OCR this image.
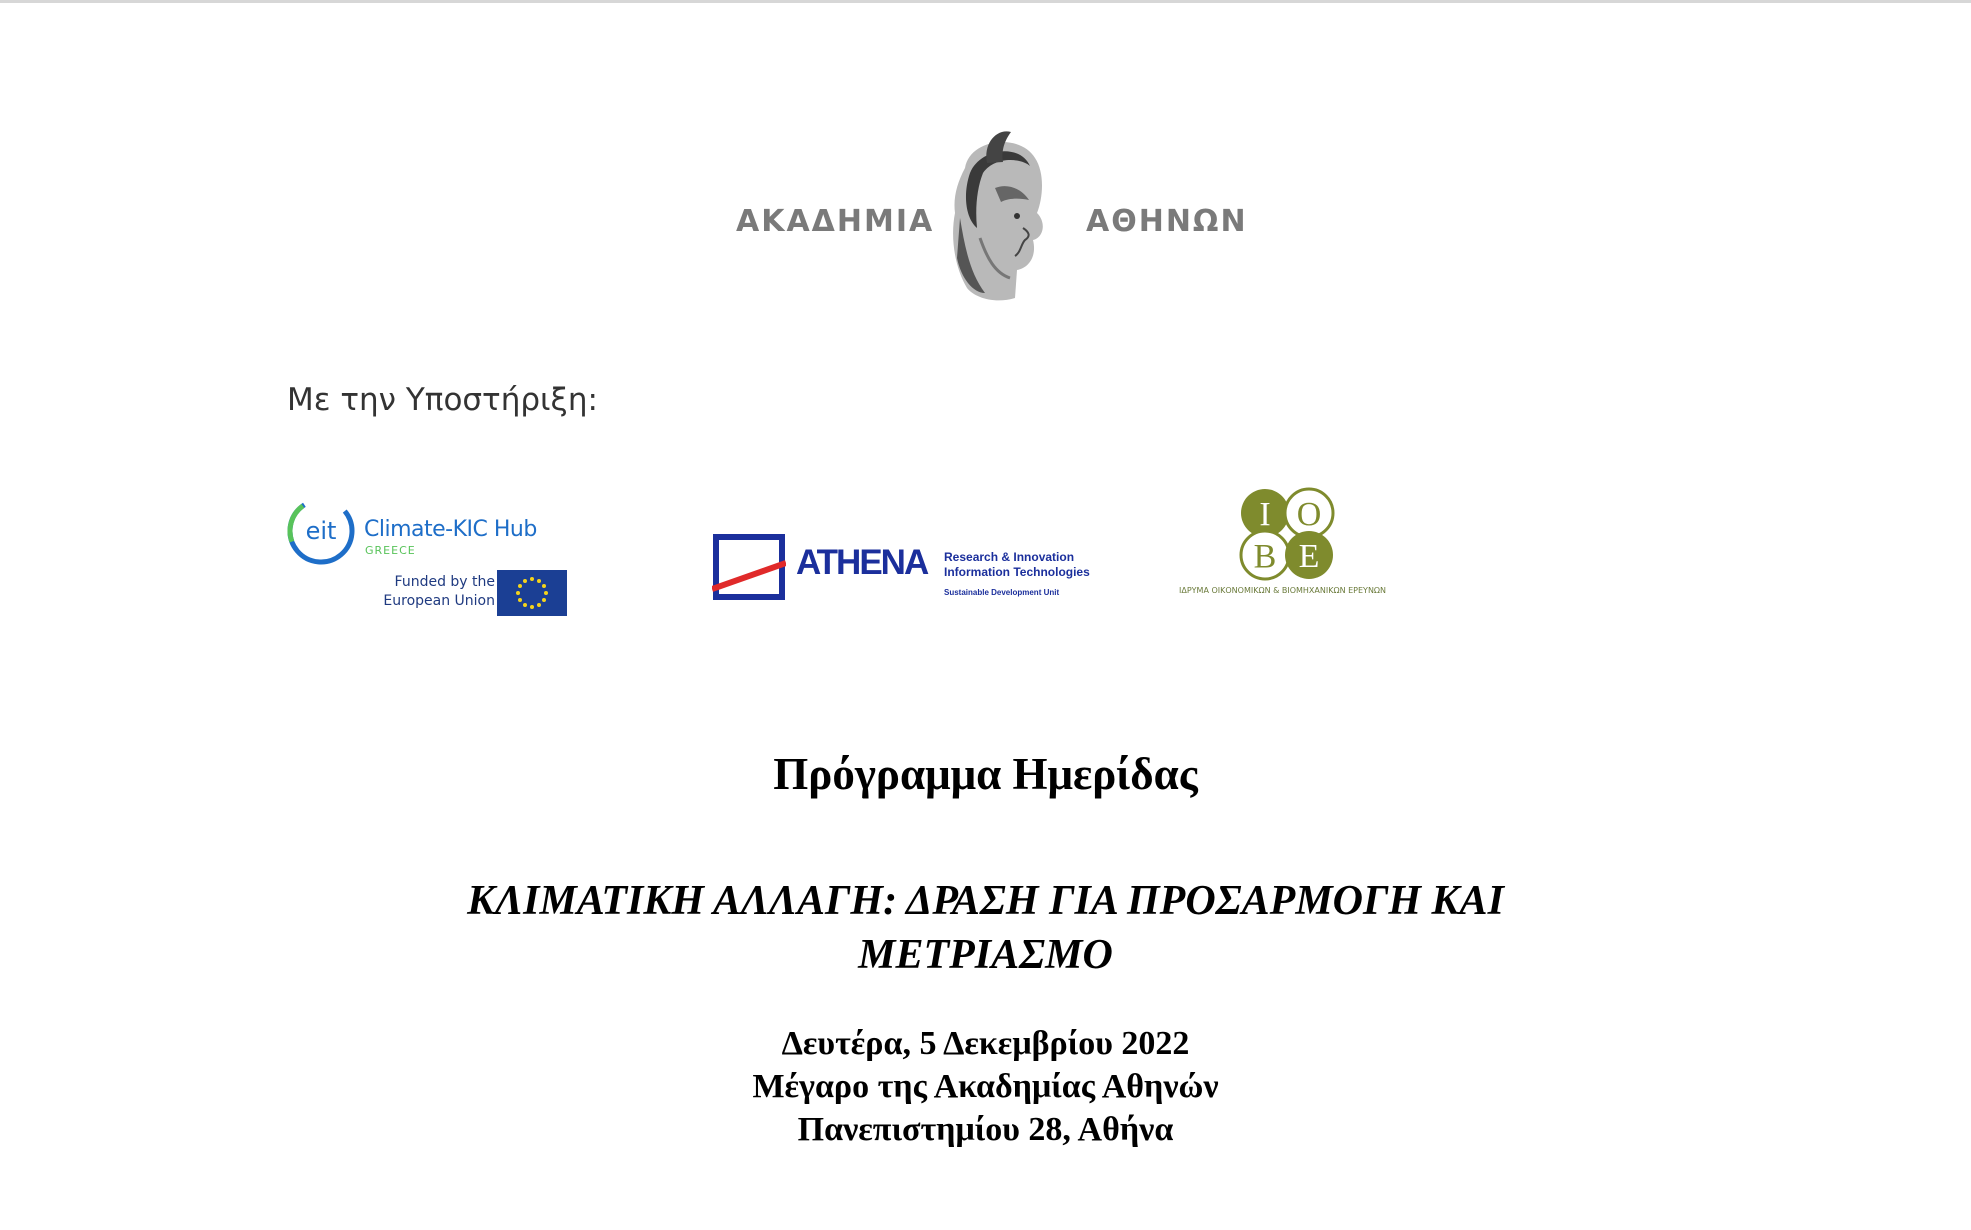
ΑΚΑΔΗΜΙΑ	ΑΘΗΝΩΝ
Με την Υποστήριξη:
eit Climate-KIC Hub
GREECE
Funded by the
European Union
ATHENA Research & Innovation
Information Technologies
Sustainable Development Unit
Ι Ο
Β Ε
ΙΔΡΥΜΑ ΟΙΚΟΝΟΜΙΚΩΝ & ΒΙΟΜΗΧΑΝΙΚΩΝ ΕΡΕΥΝΩΝ
Πρόγραμμα Ημερίδας
ΚΛΙΜΑΤΙΚΗ ΑΛΛΑΓΗ: ΔΡΑΣΗ ΓΙΑ ΠΡΟΣΑΡΜΟΓΗ ΚΑΙ
ΜΕΤΡΙΑΣΜΟ
Δευτέρα, 5 Δεκεμβρίου 2022
Μέγαρο της Ακαδημίας Αθηνών
Πανεπιστημίου 28, Αθήνα
